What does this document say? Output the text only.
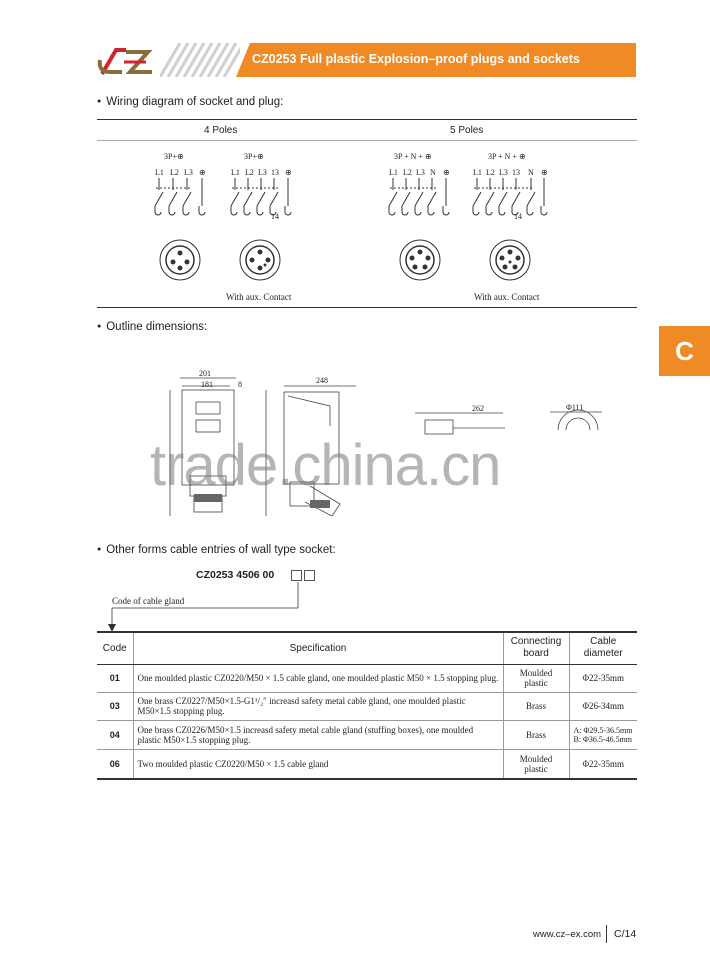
CZ0253 Full plastic Explosion–proof plugs and sockets
C
● Wiring diagram of socket and plug:
4 Poles	5 Poles
3P+⊕
L1 L2 L3 ⊕
3P+⊕
L1 L2 L3 13 ⊕
14
With aux. Contact
3P + N + ⊕
L1 L2 L3 N ⊕
3P + N + ⊕
L1 L2 L3 13 N ⊕
14
With aux. Contact
● Outline dimensions:
201
181	8	248
262	Φ111
trade.china.cn
● Other forms cable entries of wall type socket:
CZ0253 4506 00
Code of cable gland
Code	Specification	Connecting board	Cable diameter
01	One moulded plastic CZ0220/M50 × 1.5 cable gland, one moulded plastic M50 × 1.5 stopping plug.	Moulded plastic	Φ22-35mm
03	One brass CZ0227/M50×1.5-G1¹/₂″ increasd safety metal cable gland, one moulded plastic M50×1.5 stopping plug.	Brass	Φ26-34mm
04	One brass CZ0226/M50×1.5 increasd safety metal cable gland (stuffing boxes), one moulded plastic M50×1.5 stopping plug.	Brass	A: Φ29.5-36.5mm
B: Φ36.5-46.5mm
06	Two moulded plastic CZ0220/M50 × 1.5 cable gland	Moulded plastic	Φ22-35mm
www.cz–ex.com C/14
